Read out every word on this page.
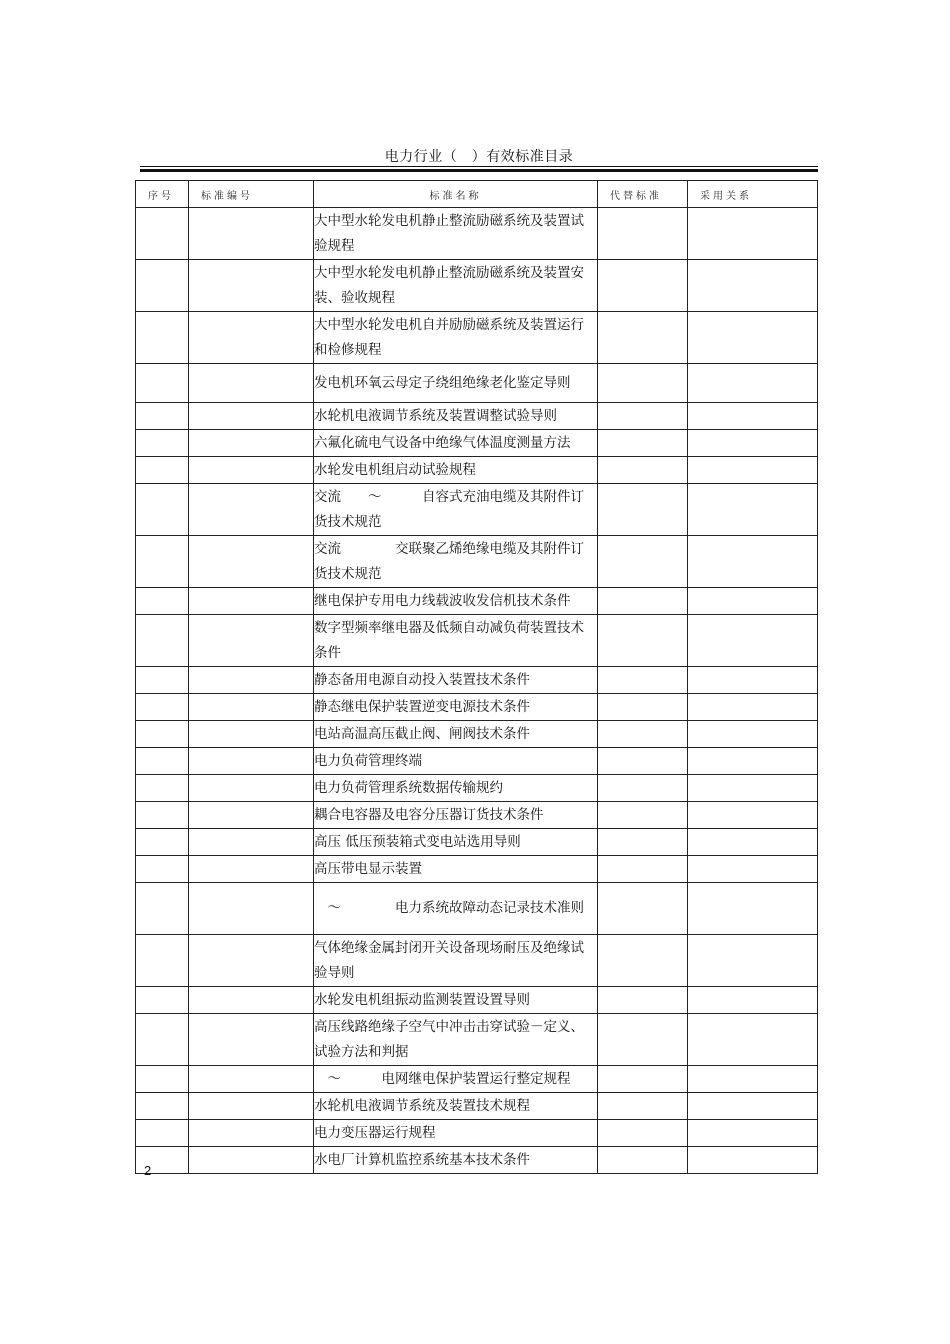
电力行业（　）有效标准目录
序号	标准编号	标准名称	代替标准	采用关系
		大中型水轮发电机静止整流励磁系统及装置试验规程		
		大中型水轮发电机静止整流励磁系统及装置安装、验收规程		
		大中型水轮发电机自并励励磁系统及装置运行和检修规程		
		发电机环氧云母定子绕组绝缘老化鉴定导则		
		水轮机电液调节系统及装置调整试验导则		
		六氟化硫电气设备中绝缘气体温度测量方法		
		水轮发电机组启动试验规程		
		交流　　～　　　自容式充油电缆及其附件订货技术规范		
		交流　　　　交联聚乙烯绝缘电缆及其附件订货技术规范		
		继电保护专用电力线载波收发信机技术条件		
		数字型频率继电器及低频自动减负荷装置技术条件		
		静态备用电源自动投入装置技术条件		
		静态继电保护装置逆变电源技术条件		
		电站高温高压截止阀、闸阀技术条件		
		电力负荷管理终端		
		电力负荷管理系统数据传输规约		
		耦合电容器及电容分压器订货技术条件		
		高压 低压预装箱式变电站选用导则		
		高压带电显示装置		
		　～　　　　电力系统故障动态记录技术准则		
		气体绝缘金属封闭开关设备现场耐压及绝缘试验导则		
		水轮发电机组振动监测装置设置导则		
		高压线路绝缘子空气中冲击击穿试验－定义、试验方法和判据		
		　～　　　电网继电保护装置运行整定规程		
		水轮机电液调节系统及装置技术规程		
		电力变压器运行规程		
		水电厂计算机监控系统基本技术条件		
2
